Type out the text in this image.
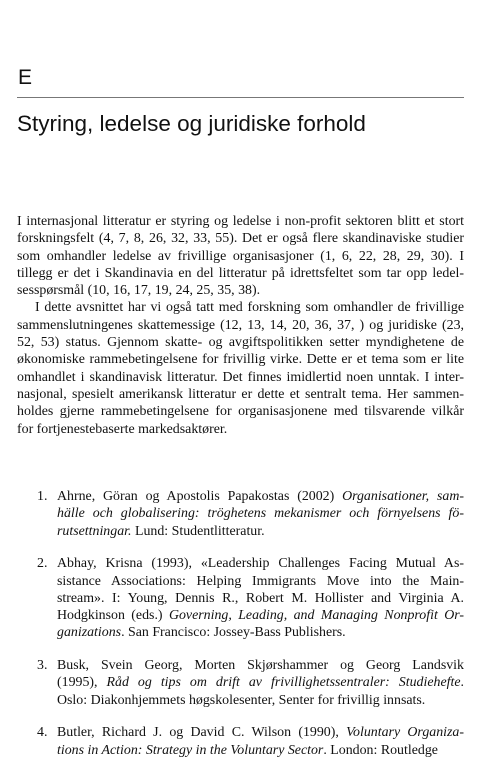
E
Styring, ledelse og juridiske forhold
I internasjonal litteratur er styring og ledelse i non-profit sektoren blitt et stort
forskningsfelt (4, 7, 8, 26, 32, 33, 55). Det er også flere skandinaviske studier
som omhandler ledelse av frivillige organisasjoner (1, 6, 22, 28, 29, 30). I
tillegg er det i Skandinavia en del litteratur på idrettsfeltet som tar opp ledel-
sesspørsmål (10, 16, 17, 19, 24, 25, 35, 38).
I dette avsnittet har vi også tatt med forskning som omhandler de frivillige
sammenslutningenes skattemessige (12, 13, 14, 20, 36, 37, ) og juridiske (23,
52, 53) status. Gjennom skatte- og avgiftspolitikken setter myndighetene de
økonomiske rammebetingelsene for frivillig virke. Dette er et tema som er lite
omhandlet i skandinavisk litteratur. Det finnes imidlertid noen unntak. I inter-
nasjonal, spesielt amerikansk litteratur er dette et sentralt tema. Her sammen-
holdes gjerne rammebetingelsene for organisasjonene med tilsvarende vilkår
for fortjenestebaserte markedsaktører.
1. Ahrne, Göran og Apostolis Papakostas (2002) Organisationer, sam-
hälle och globalisering: tröghetens mekanismer och förnyelsens fö-
rutsettningar. Lund: Studentlitteratur.
2. Abhay, Krisna (1993), «Leadership Challenges Facing Mutual As-
sistance Associations: Helping Immigrants Move into the Main-
stream». I: Young, Dennis R., Robert M. Hollister and Virginia A.
Hodgkinson (eds.) Governing, Leading, and Managing Nonprofit Or-
ganizations. San Francisco: Jossey-Bass Publishers.
3. Busk, Svein Georg, Morten Skjørshammer og Georg Landsvik
(1995), Råd og tips om drift av frivillighetssentraler: Studiehefte.
Oslo: Diakonhjemmets høgskolesenter, Senter for frivillig innsats.
4. Butler, Richard J. og David C. Wilson (1990), Voluntary Organiza-
tions in Action: Strategy in the Voluntary Sector. London: Routledge
